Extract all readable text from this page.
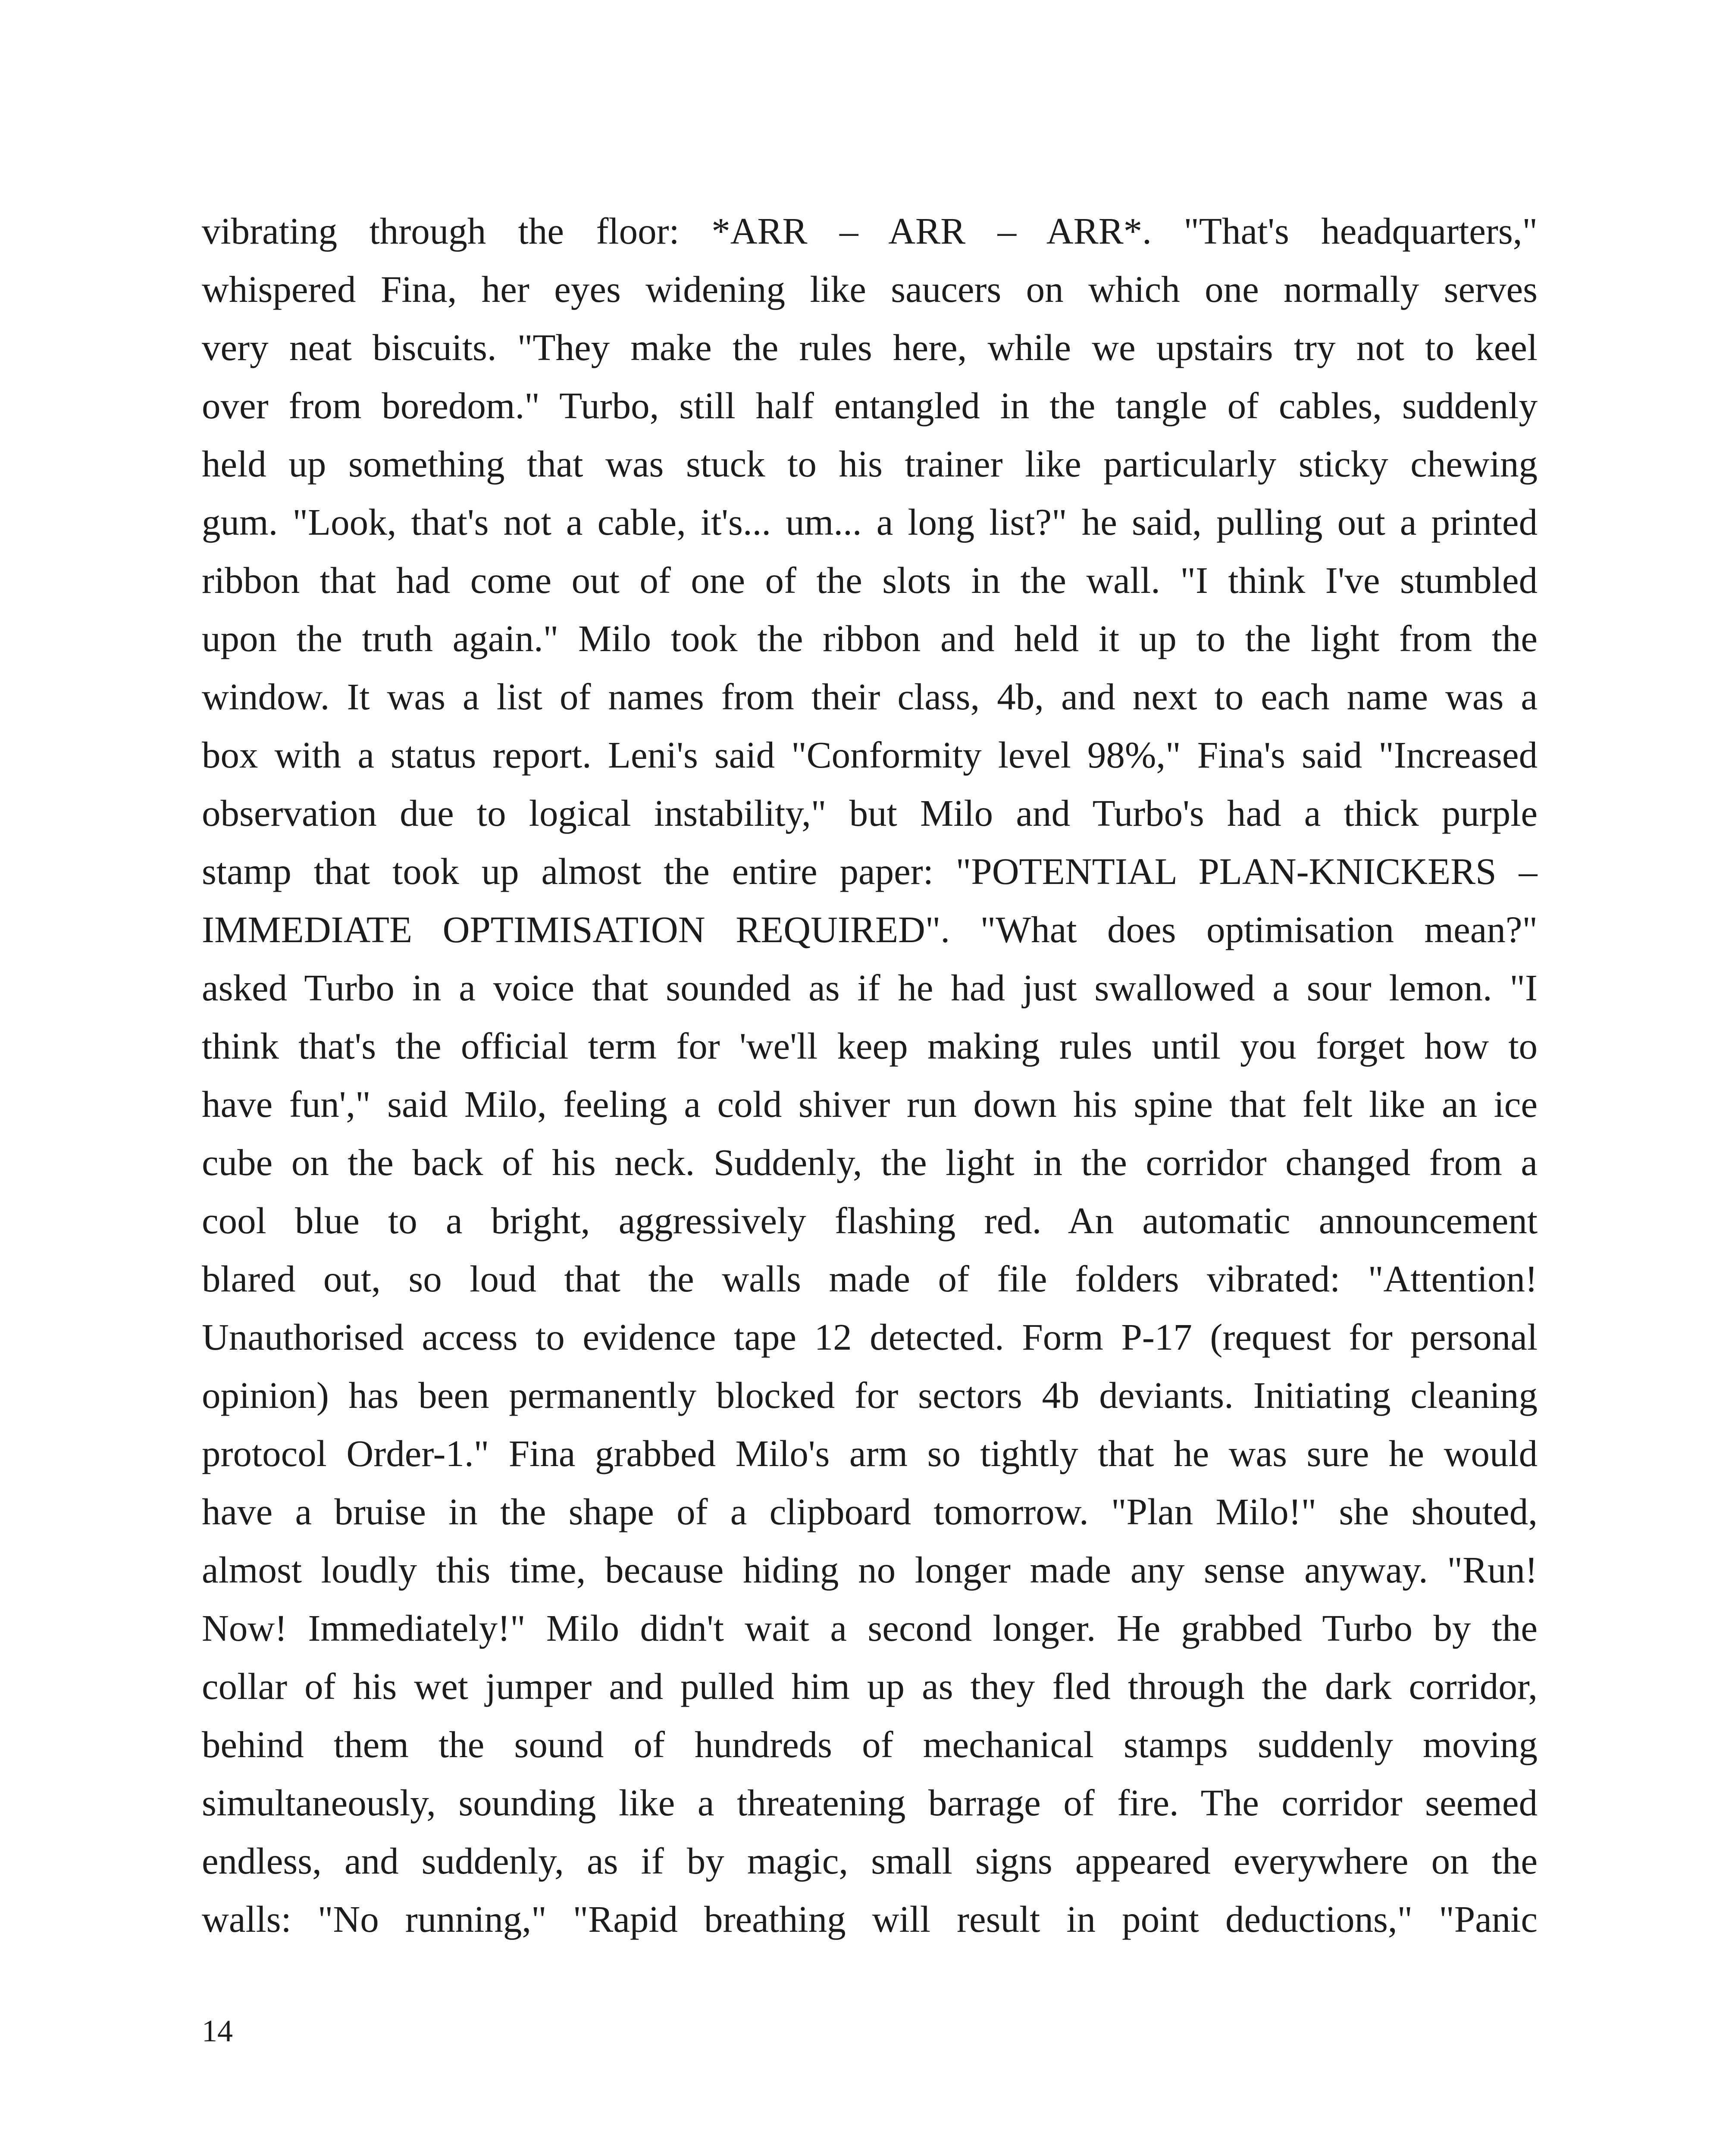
vibrating through the floor: *ARR – ARR – ARR*. "That's headquarters,"
whispered Fina, her eyes widening like saucers on which one normally serves
very neat biscuits. "They make the rules here, while we upstairs try not to keel
over from boredom." Turbo, still half entangled in the tangle of cables, suddenly
held up something that was stuck to his trainer like particularly sticky chewing
gum. "Look, that's not a cable, it's... um... a long list?" he said, pulling out a printed
ribbon that had come out of one of the slots in the wall. "I think I've stumbled
upon the truth again." Milo took the ribbon and held it up to the light from the
window. It was a list of names from their class, 4b, and next to each name was a
box with a status report. Leni's said "Conformity level 98%," Fina's said "Increased
observation due to logical instability," but Milo and Turbo's had a thick purple
stamp that took up almost the entire paper: "POTENTIAL PLAN-KNICKERS –
IMMEDIATE OPTIMISATION REQUIRED". "What does optimisation mean?"
asked Turbo in a voice that sounded as if he had just swallowed a sour lemon. "I
think that's the official term for 'we'll keep making rules until you forget how to
have fun'," said Milo, feeling a cold shiver run down his spine that felt like an ice
cube on the back of his neck. Suddenly, the light in the corridor changed from a
cool blue to a bright, aggressively flashing red. An automatic announcement
blared out, so loud that the walls made of file folders vibrated: "Attention!
Unauthorised access to evidence tape 12 detected. Form P-17 (request for personal
opinion) has been permanently blocked for sectors 4b deviants. Initiating cleaning
protocol Order-1." Fina grabbed Milo's arm so tightly that he was sure he would
have a bruise in the shape of a clipboard tomorrow. "Plan Milo!" she shouted,
almost loudly this time, because hiding no longer made any sense anyway. "Run!
Now! Immediately!" Milo didn't wait a second longer. He grabbed Turbo by the
collar of his wet jumper and pulled him up as they fled through the dark corridor,
behind them the sound of hundreds of mechanical stamps suddenly moving
simultaneously, sounding like a threatening barrage of fire. The corridor seemed
endless, and suddenly, as if by magic, small signs appeared everywhere on the
walls: "No running," "Rapid breathing will result in point deductions," "Panic
14
